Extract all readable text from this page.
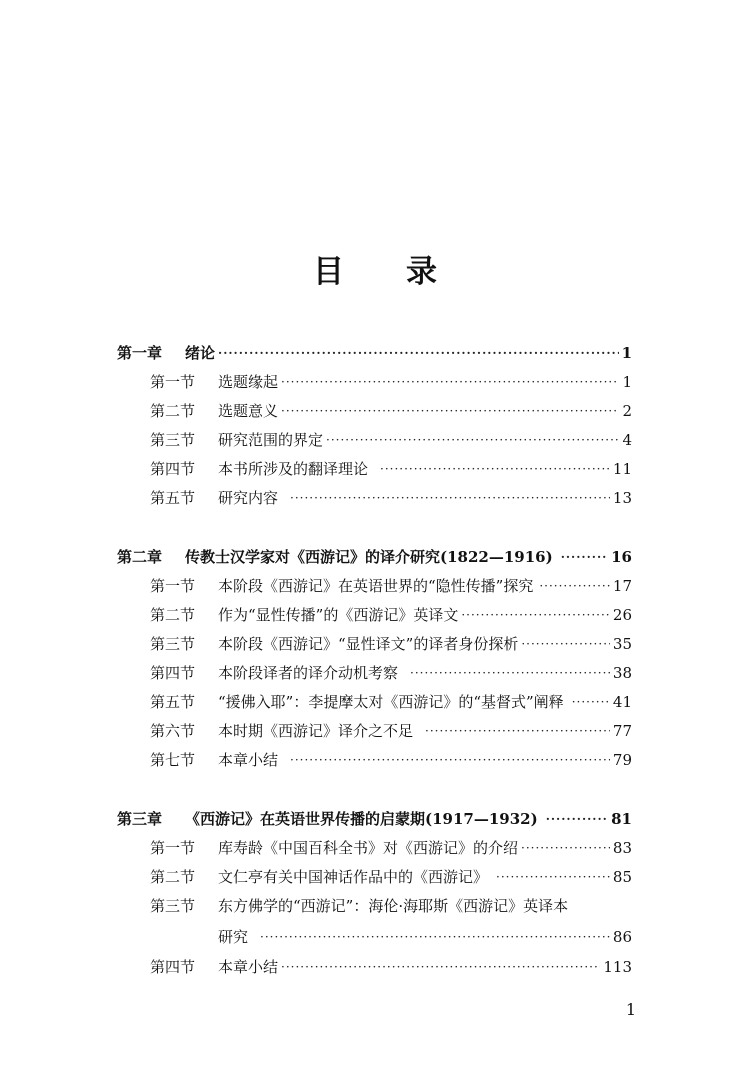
目 录
第一章	绪论 ·····	1
第一节	选题缘起 ·····	1
第二节	选题意义 ·····	2
第三节	研究范围的界定 ·····	4
第四节	本书所涉及的翻译理论 ·····	11
第五节	研究内容 ·····	13
第二章	传教士汉学家对《西游记》的译介研究(1822—1916) ·····	16
第一节	本阶段《西游记》在英语世界的“隐性传播”探究 ·····	17
第二节	作为“显性传播”的《西游记》英译文 ·····	26
第三节	本阶段《西游记》“显性译文”的译者身份探析 ·····	35
第四节	本阶段译者的译介动机考察 ·····	38
第五节	“援佛入耶”：李提摩太对《西游记》的“基督式”阐释 ·····	41
第六节	本时期《西游记》译介之不足 ·····	77
第七节	本章小结 ·····	79
第三章	《西游记》在英语世界传播的启蒙期(1917—1932) ·····	81
第一节	库寿龄《中国百科全书》对《西游记》的介绍 ·····	83
第二节	文仁亭有关中国神话作品中的《西游记》 ·····	85
第三节	东方佛学的“西游记”：海伦·海耶斯《西游记》英译本
研究 ·····	86
第四节	本章小结 ·····	113
1
